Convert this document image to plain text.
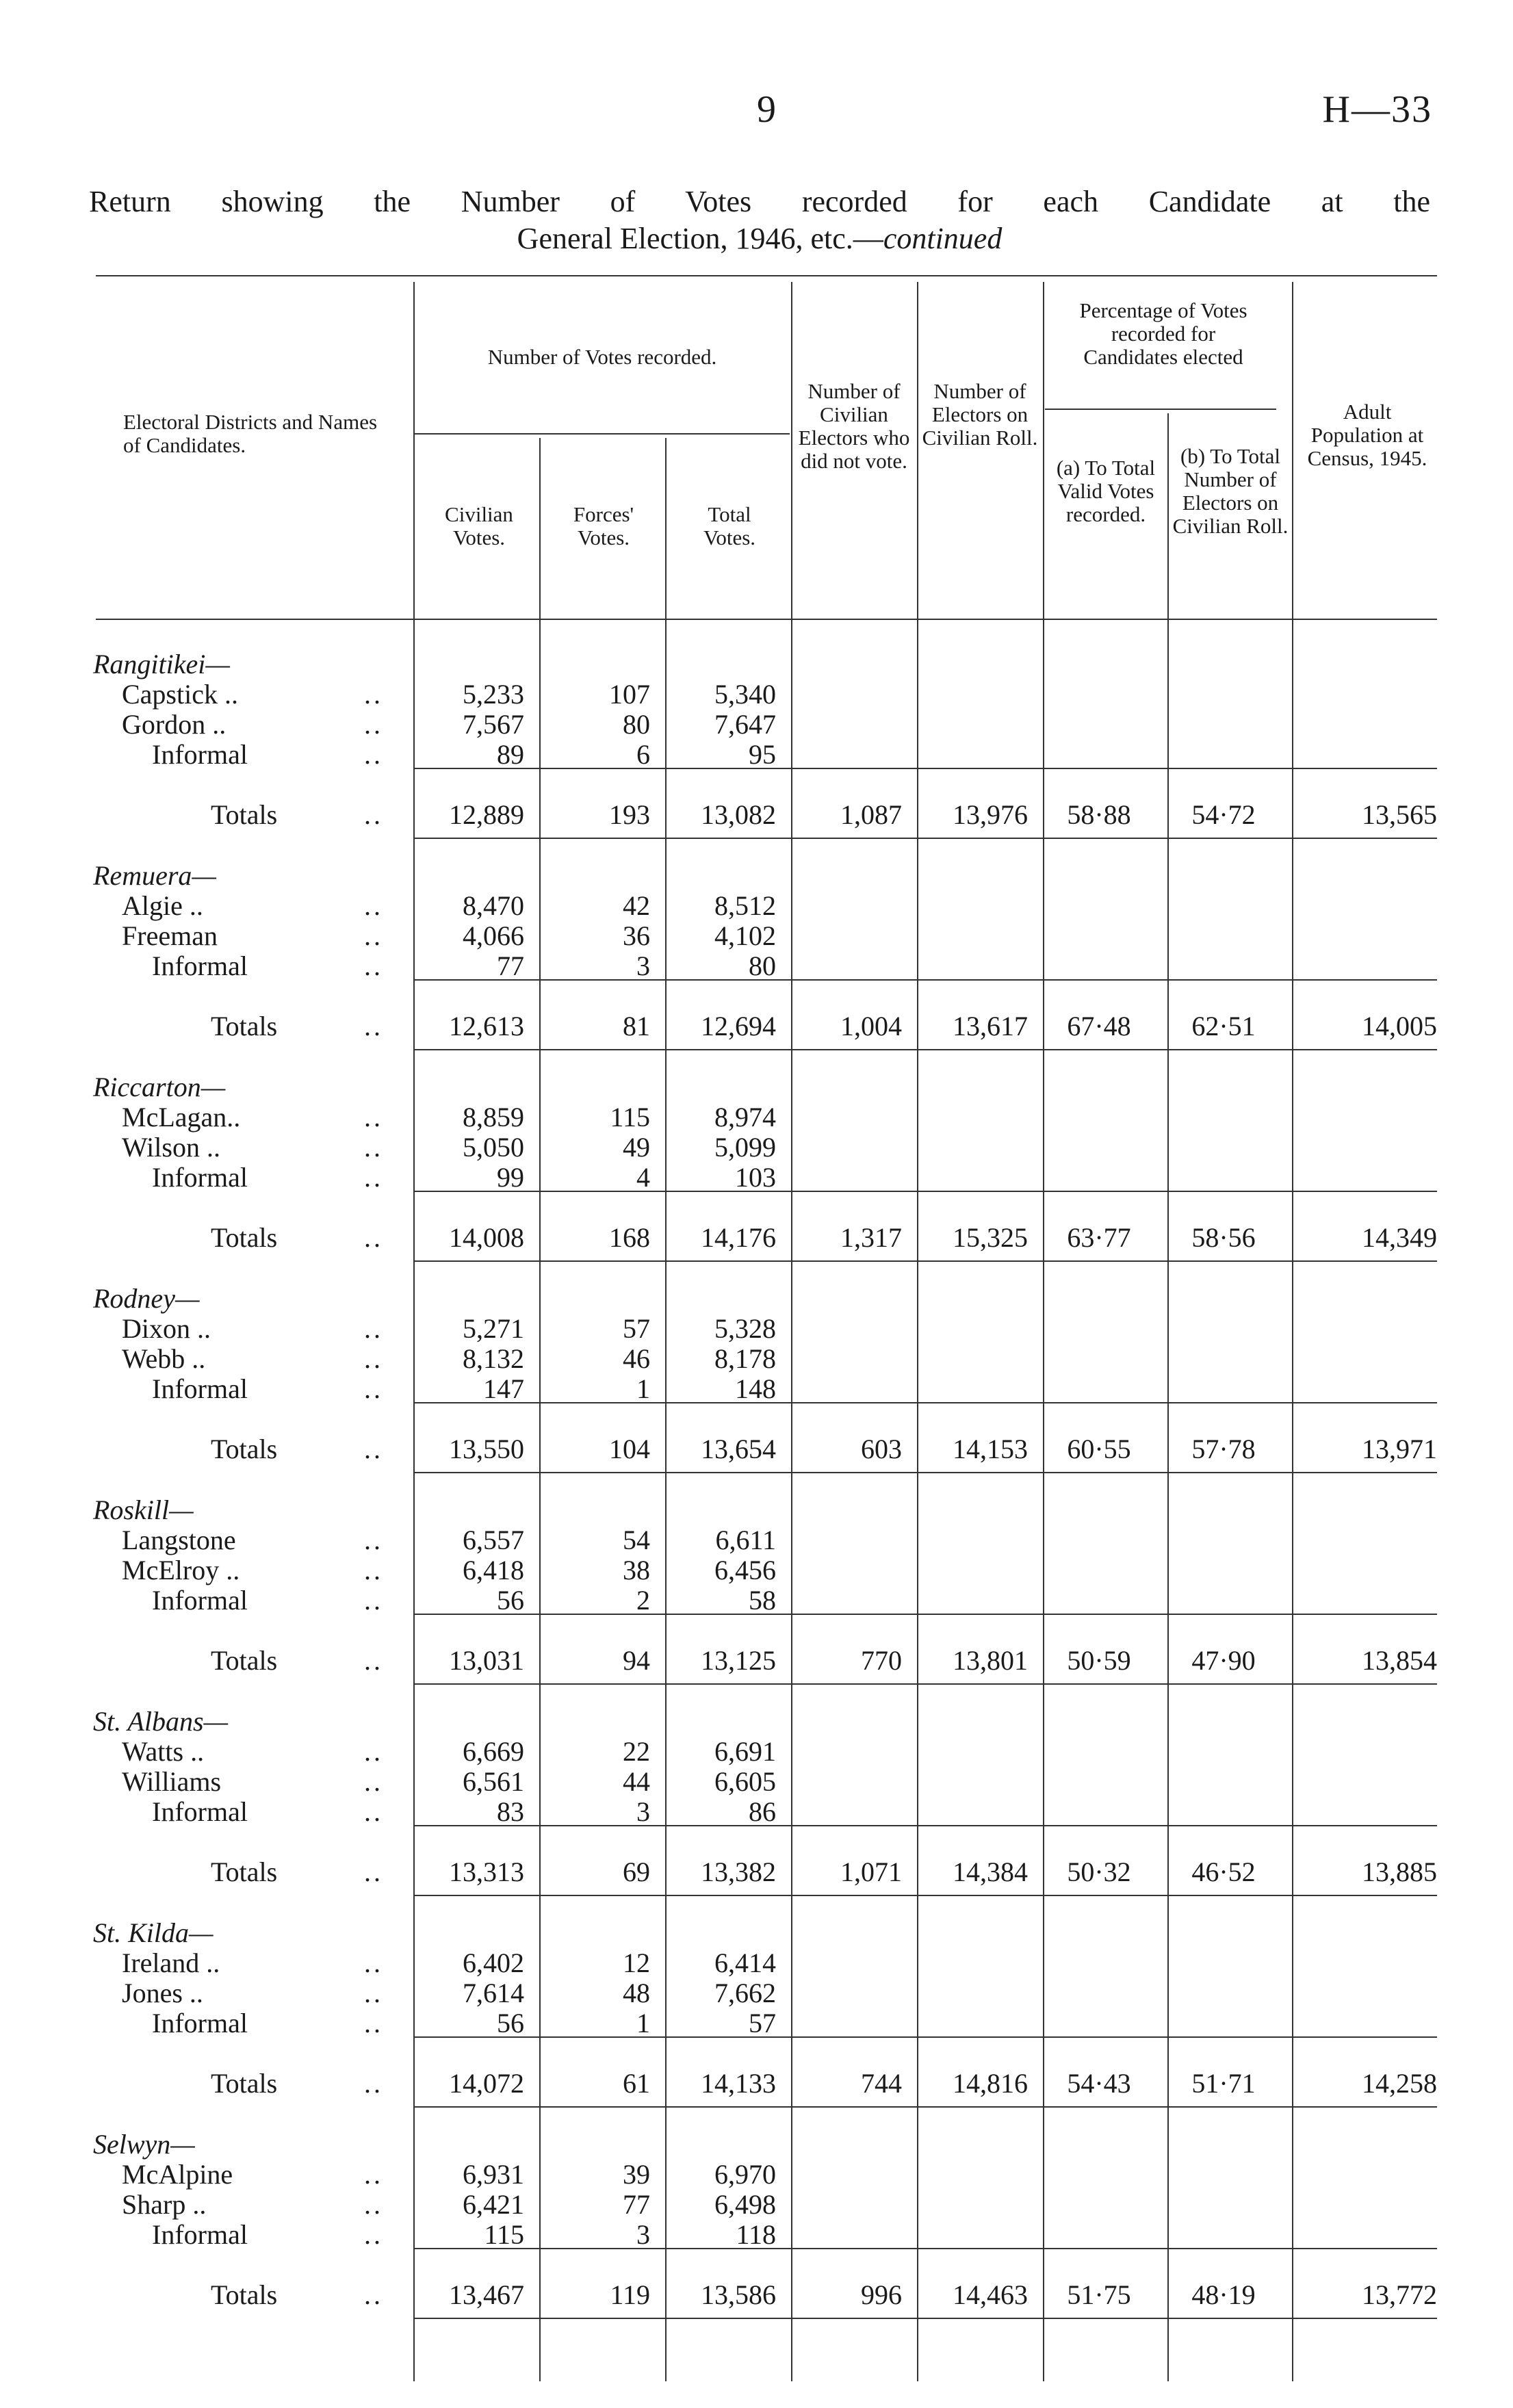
9	H—33
Return showing the Number of Votes recorded for each Candidate at the
General Election, 1946, etc.—continued
Electoral Districts and Names of Candidates.
Number of Votes recorded.
Civilian Votes.
Forces' Votes.
Total Votes.
Number of Civilian Electors who did not vote.
Number of Electors on Civilian Roll.
Percentage of Votes recorded for Candidates elected
(a) To Total Valid Votes recorded.
(b) To Total Number of Electors on Civilian Roll.
Adult Population at Census, 1945.
Rangitikei—
Capstick ..	..	5,233	107	5,340
Gordon ..	..	7,567	80	7,647
Informal	..	89	6	95
Totals	..	12,889	193	13,082	1,087	13,976	58·88	54·72	13,565
Remuera—
Algie ..	..	8,470	42	8,512
Freeman	..	4,066	36	4,102
Informal	..	77	3	80
Totals	..	12,613	81	12,694	1,004	13,617	67·48	62·51	14,005
Riccarton—
McLagan..	..	8,859	115	8,974
Wilson ..	..	5,050	49	5,099
Informal	..	99	4	103
Totals	..	14,008	168	14,176	1,317	15,325	63·77	58·56	14,349
Rodney—
Dixon ..	..	5,271	57	5,328
Webb ..	..	8,132	46	8,178
Informal	..	147	1	148
Totals	..	13,550	104	13,654	603	14,153	60·55	57·78	13,971
Roskill—
Langstone	..	6,557	54	6,611
McElroy ..	..	6,418	38	6,456
Informal	..	56	2	58
Totals	..	13,031	94	13,125	770	13,801	50·59	47·90	13,854
St. Albans—
Watts ..	..	6,669	22	6,691
Williams	..	6,561	44	6,605
Informal	..	83	3	86
Totals	..	13,313	69	13,382	1,071	14,384	50·32	46·52	13,885
St. Kilda—
Ireland ..	..	6,402	12	6,414
Jones ..	..	7,614	48	7,662
Informal	..	56	1	57
Totals	..	14,072	61	14,133	744	14,816	54·43	51·71	14,258
Selwyn—
McAlpine	..	6,931	39	6,970
Sharp ..	..	6,421	77	6,498
Informal	..	115	3	118
Totals	..	13,467	119	13,586	996	14,463	51·75	48·19	13,772
